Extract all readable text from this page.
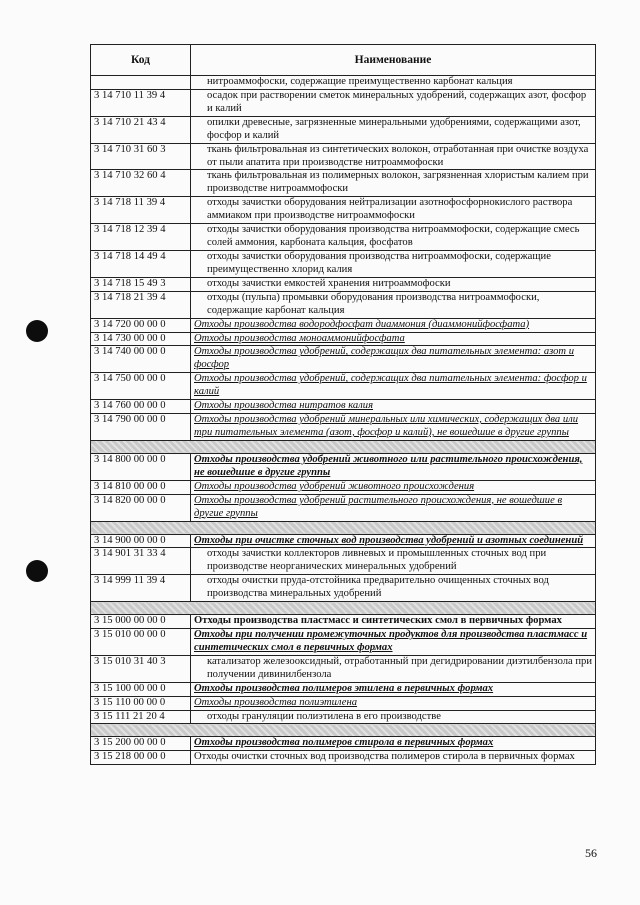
Код	Наименование
	нитроаммофоски, содержащие преимущественно карбонат кальция
3 14 710 11 39 4	осадок при растворении сметок минеральных удобрений, содержащих азот, фосфор и калий
3 14 710 21 43 4	опилки древесные, загрязненные минеральными удобрениями, содержащими азот, фосфор и калий
3 14 710 31 60 3	ткань фильтровальная из синтетических волокон, отработанная при очистке воздуха от пыли апатита при производстве нитроаммофоски
3 14 710 32 60 4	ткань фильтровальная из полимерных волокон, загрязненная хлористым калием при производстве нитроаммофоски
3 14 718 11 39 4	отходы зачистки оборудования нейтрализации азотнофосфорнокислого раствора аммиаком при производстве нитроаммофоски
3 14 718 12 39 4	отходы зачистки оборудования производства нитроаммофоски, содержащие смесь солей аммония, карбоната кальция, фосфатов
3 14 718 14 49 4	отходы зачистки оборудования производства нитроаммофоски, содержащие преимущественно хлорид калия
3 14 718 15 49 3	отходы зачистки емкостей хранения нитроаммофоски
3 14 718 21 39 4	отходы (пульпа) промывки оборудования производства нитроаммофоски, содержащие карбонат кальция
3 14 720 00 00 0	Отходы производства водородфосфат диаммония (диаммонийфосфата)
3 14 730 00 00 0	Отходы производства моноаммонийфосфата
3 14 740 00 00 0	Отходы производства удобрений, содержащих два питательных элемента: азот и фосфор
3 14 750 00 00 0	Отходы производства удобрений, содержащих два питательных элемента: фосфор и калий
3 14 760 00 00 0	Отходы производства нитратов калия
3 14 790 00 00 0	Отходы производства удобрений минеральных или химических, содержащих два или три питательных элемента (азот, фосфор и калий), не вошедшие в другие группы

3 14 800 00 00 0	Отходы производства удобрений животного или растительного происхождения, не вошедшие в другие группы
3 14 810 00 00 0	Отходы производства удобрений животного происхождения
3 14 820 00 00 0	Отходы производства удобрений растительного происхождения, не вошедшие в другие группы

3 14 900 00 00 0	Отходы при очистке сточных вод производства удобрений и азотных соединений
3 14 901 31 33 4	отходы зачистки коллекторов ливневых и промышленных сточных вод при производстве неорганических минеральных удобрений
3 14 999 11 39 4	отходы очистки пруда-отстойника предварительно очищенных сточных вод производства минеральных удобрений

3 15 000 00 00 0	Отходы производства пластмасс и синтетических смол в первичных формах
3 15 010 00 00 0	Отходы при получении промежуточных продуктов для производства пластмасс и синтетических смол в первичных формах
3 15 010 31 40 3	катализатор железооксидный, отработанный при дегидрировании диэтилбензола при получении дивинилбензола
3 15 100 00 00 0	Отходы производства полимеров этилена в первичных формах
3 15 110 00 00 0	Отходы производства полиэтилена
3 15 111 21 20 4	отходы грануляции полиэтилена в его производстве

3 15 200 00 00 0	Отходы производства полимеров стирола в первичных формах
3 15 218 00 00 0	Отходы очистки сточных вод производства полимеров стирола в первичных формах
56
